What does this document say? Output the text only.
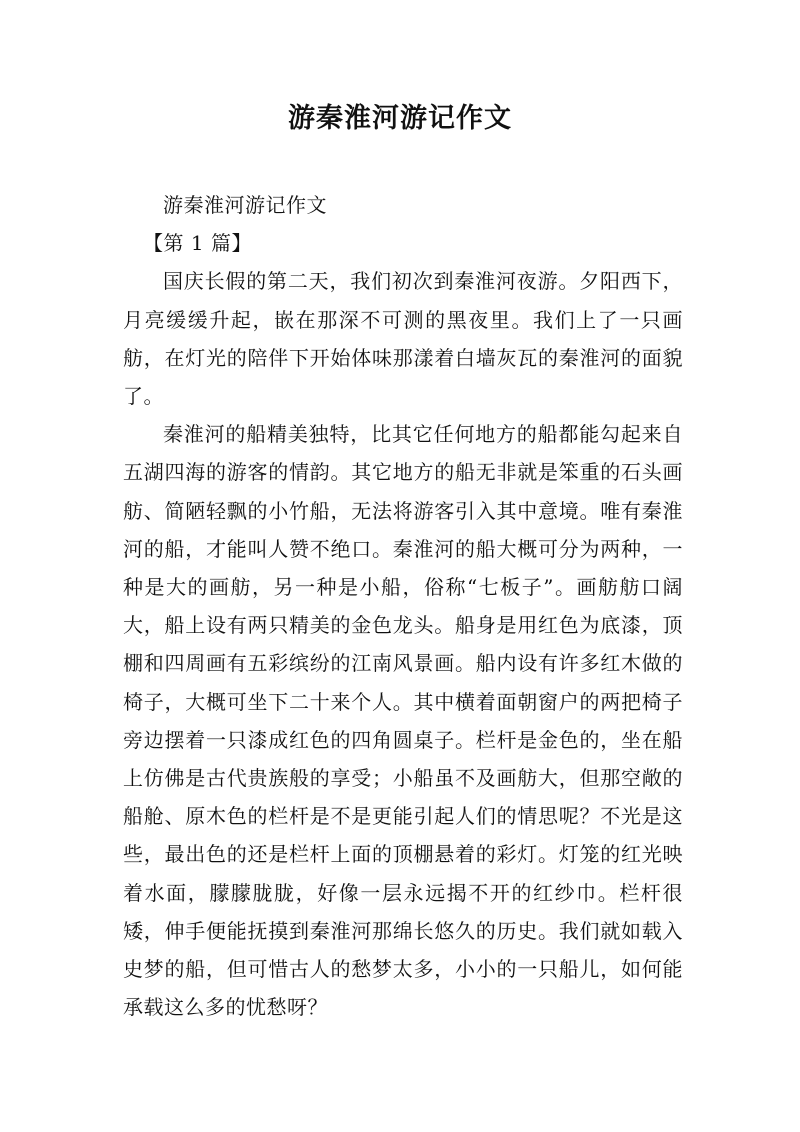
游秦淮河游记作文

游秦淮河游记作文

【第 1 篇】

国庆长假的第二天，我们初次到秦淮河夜游。夕阳西下，月亮缓缓升起，嵌在那深不可测的黑夜里。我们上了一只画舫，在灯光的陪伴下开始体味那漾着白墙灰瓦的秦淮河的面貌了。

秦淮河的船精美独特，比其它任何地方的船都能勾起来自五湖四海的游客的情韵。其它地方的船无非就是笨重的石头画舫、简陋轻飘的小竹船，无法将游客引入其中意境。唯有秦淮河的船，才能叫人赞不绝口。秦淮河的船大概可分为两种，一种是大的画舫，另一种是小船，俗称“七板子”。画舫舫口阔大，船上设有两只精美的金色龙头。船身是用红色为底漆，顶棚和四周画有五彩缤纷的江南风景画。船内设有许多红木做的椅子，大概可坐下二十来个人。其中横着面朝窗户的两把椅子旁边摆着一只漆成红色的四角圆桌子。栏杆是金色的，坐在船上仿佛是古代贵族般的享受；小船虽不及画舫大，但那空敞的船舱、原木色的栏杆是不是更能引起人们的情思呢？不光是这些，最出色的还是栏杆上面的顶棚悬着的彩灯。灯笼的红光映着水面，朦朦胧胧，好像一层永远揭不开的红纱巾。栏杆很矮，伸手便能抚摸到秦淮河那绵长悠久的历史。我们就如载入史梦的船，但可惜古人的愁梦太多，小小的一只船儿，如何能承载这么多的忧愁呀？
